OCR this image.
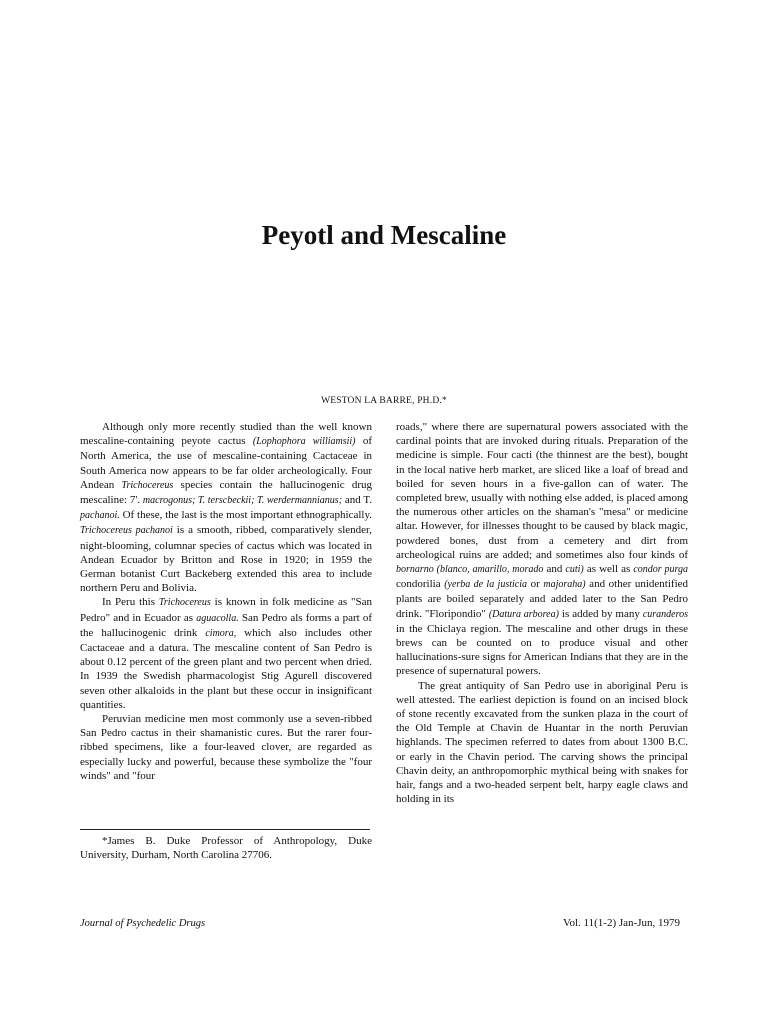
Peyotl and Mescaline
WESTON LA BARRE, PH.D.*

Although only more recently studied than the well known mescaline-containing peyote cactus (Lophophora williamsii) of North America, the use of mescaline-containing Cactaceae in South America now appears to be far older archeologically. Four Andean Trichocereus species contain the hallucinogenic drug mescaline: 7'. macrogonus; T. terscbeckii; T. werdermannianus; and T. pachanoi. Of these, the last is the most important ethnographically. Trichocereus pachanoi is a smooth, ribbed, comparatively slender, night-blooming, columnar species of cactus which was located in Andean Ecuador by Britton and Rose in 1920; in 1959 the German botanist Curt Backeberg extended this area to include northern Peru and Bolivia.

In Peru this Trichocereus is known in folk medicine as "San Pedro" and in Ecuador as aguacolla. San Pedro als forms a part of the hallucinogenic drink cimora, which also includes other Cactaceae and a datura. The mescaline content of San Pedro is about 0.12 percent of the green plant and two percent when dried. In 1939 the Swedish pharmacologist Stig Agurell discovered seven other alkaloids in the plant but these occur in insignificant quantities.

Peruvian medicine men most commonly use a seven-ribbed San Pedro cactus in their shamanistic cures. But the rarer four-ribbed specimens, like a four-leaved clover, are regarded as especially lucky and powerful, because these symbolize the "four winds" and "four

roads," where there are supernatural powers associated with the cardinal points that are invoked during rituals. Preparation of the medicine is simple. Four cacti (the thinnest are the best), bought in the local native herb market, are sliced like a loaf of bread and boiled for seven hours in a five-gallon can of water. The completed brew, usually with nothing else added, is placed among the numerous other articles on the shaman's "mesa" or medicine altar. However, for illnesses thought to be caused by black magic, powdered bones, dust from a cemetery and dirt from archeological ruins are added; and sometimes also four kinds of bornarno (blanco, amarillo, morado and cuti) as well as condor purga condorilia (yerba de la justicia or majoraha) and other unidentified plants are boiled separately and added later to the San Pedro drink. "Floripondio" (Datura arborea) is added by many curanderos in the Chiclaya region. The mescaline and other drugs in these brews can be counted on to produce visual and other hallucinations-sure signs for American Indians that they are in the presence of supernatural powers.

The great antiquity of San Pedro use in aboriginal Peru is well attested. The earliest depiction is found on an incised block of stone recently excavated from the sunken plaza in the court of the Old Temple at Chavin de Huantar in the north Peruvian highlands. The specimen referred to dates from about 1300 B.C. or early in the Chavin period. The carving shows the principal Chavin deity, an anthropomorphic mythical being with snakes for hair, fangs and a two-headed serpent belt, harpy eagle claws and holding in its

*James B. Duke Professor of Anthropology, Duke University, Durham, North Carolina 27706.
Journal of Psychedelic Drugs	Vol. 11(1-2) Jan-Jun, 1979
